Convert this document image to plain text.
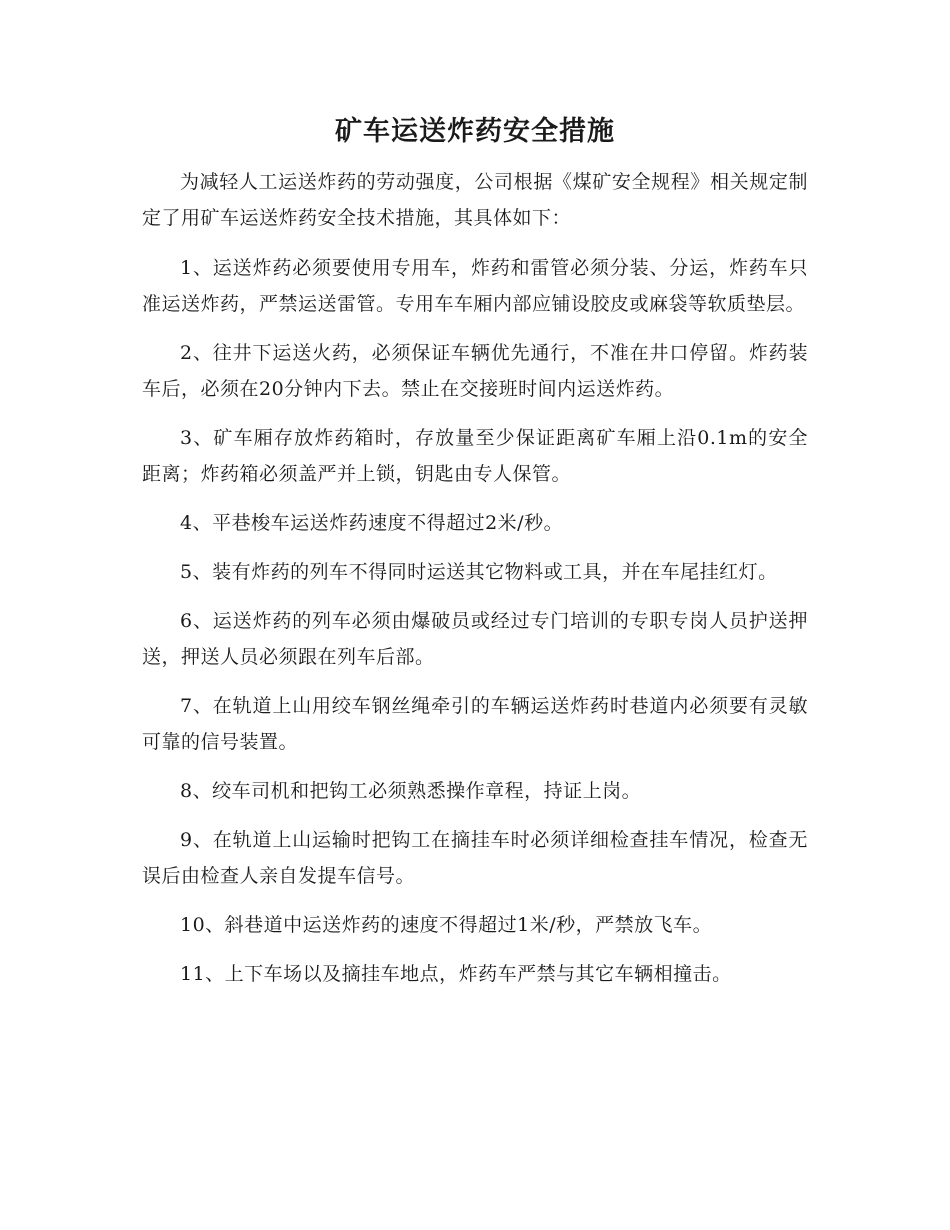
矿车运送炸药安全措施

为减轻人工运送炸药的劳动强度，公司根据《煤矿安全规程》相关规定制定了用矿车运送炸药安全技术措施，其具体如下：

1、运送炸药必须要使用专用车，炸药和雷管必须分装、分运，炸药车只准运送炸药，严禁运送雷管。专用车车厢内部应铺设胶皮或麻袋等软质垫层。

2、往井下运送火药，必须保证车辆优先通行，不准在井口停留。炸药装车后，必须在20分钟内下去。禁止在交接班时间内运送炸药。

3、矿车厢存放炸药箱时，存放量至少保证距离矿车厢上沿0.1m的安全距离；炸药箱必须盖严并上锁，钥匙由专人保管。

4、平巷梭车运送炸药速度不得超过2米/秒。

5、装有炸药的列车不得同时运送其它物料或工具，并在车尾挂红灯。

6、运送炸药的列车必须由爆破员或经过专门培训的专职专岗人员护送押送，押送人员必须跟在列车后部。

7、在轨道上山用绞车钢丝绳牵引的车辆运送炸药时巷道内必须要有灵敏可靠的信号装置。

8、绞车司机和把钩工必须熟悉操作章程，持证上岗。

9、在轨道上山运输时把钩工在摘挂车时必须详细检查挂车情况，检查无误后由检查人亲自发提车信号。

10、斜巷道中运送炸药的速度不得超过1米/秒，严禁放飞车。

11、上下车场以及摘挂车地点，炸药车严禁与其它车辆相撞击。
